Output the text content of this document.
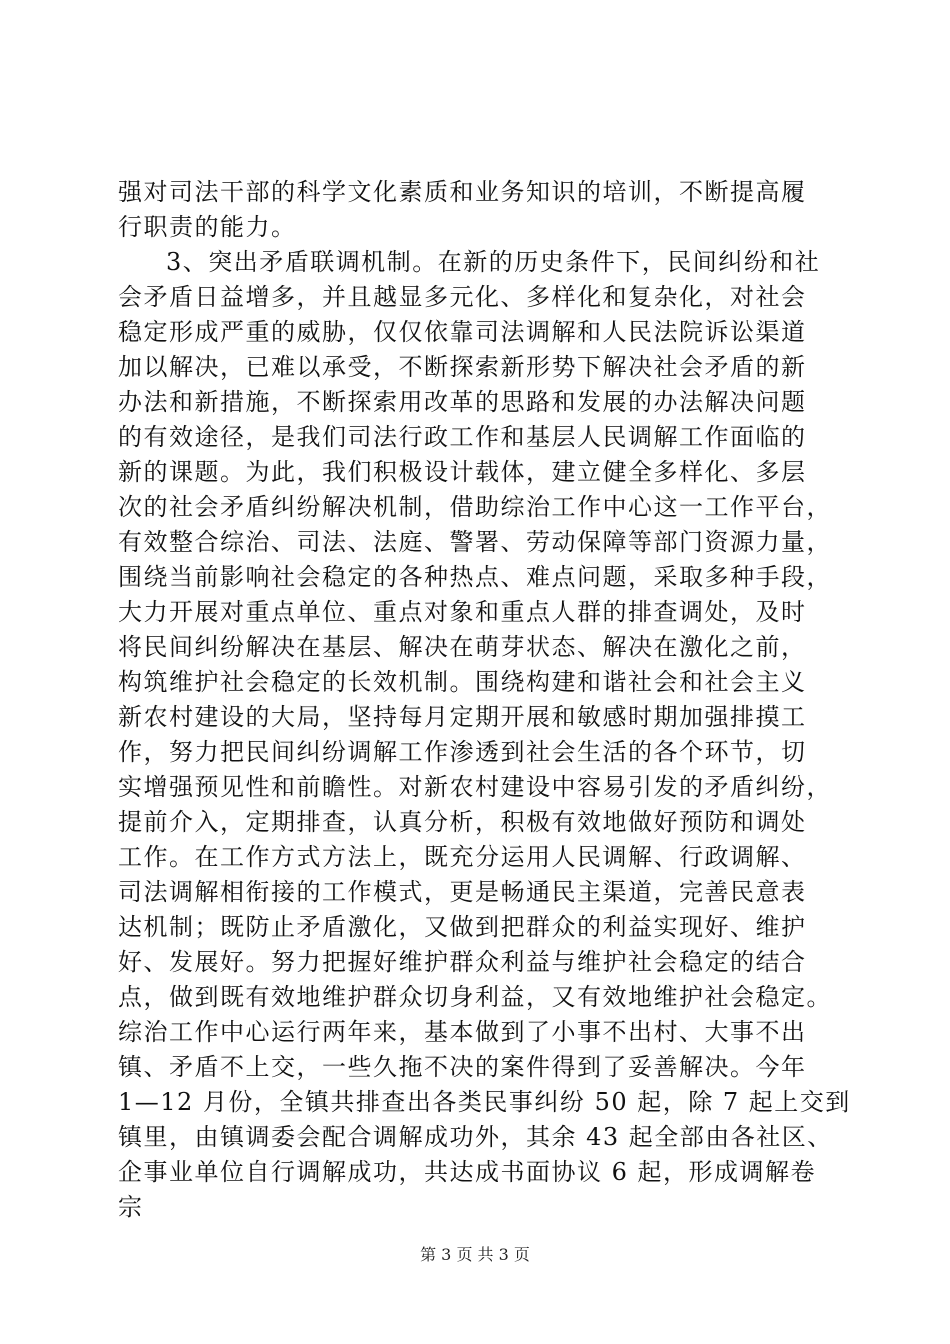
强对司法干部的科学文化素质和业务知识的培训，不断提高履
行职责的能力。
3、突出矛盾联调机制。在新的历史条件下，民间纠纷和社
会矛盾日益增多，并且越显多元化、多样化和复杂化，对社会
稳定形成严重的威胁，仅仅依靠司法调解和人民法院诉讼渠道
加以解决，已难以承受，不断探索新形势下解决社会矛盾的新
办法和新措施，不断探索用改革的思路和发展的办法解决问题
的有效途径，是我们司法行政工作和基层人民调解工作面临的
新的课题。为此，我们积极设计载体，建立健全多样化、多层
次的社会矛盾纠纷解决机制，借助综治工作中心这一工作平台，
有效整合综治、司法、法庭、警署、劳动保障等部门资源力量，
围绕当前影响社会稳定的各种热点、难点问题，采取多种手段，
大力开展对重点单位、重点对象和重点人群的排查调处，及时
将民间纠纷解决在基层、解决在萌芽状态、解决在激化之前，
构筑维护社会稳定的长效机制。围绕构建和谐社会和社会主义
新农村建设的大局，坚持每月定期开展和敏感时期加强排摸工
作，努力把民间纠纷调解工作渗透到社会生活的各个环节，切
实增强预见性和前瞻性。对新农村建设中容易引发的矛盾纠纷，
提前介入，定期排查，认真分析，积极有效地做好预防和调处
工作。在工作方式方法上，既充分运用人民调解、行政调解、
司法调解相衔接的工作模式，更是畅通民主渠道，完善民意表
达机制；既防止矛盾激化，又做到把群众的利益实现好、维护
好、发展好。努力把握好维护群众利益与维护社会稳定的结合
点，做到既有效地维护群众切身利益，又有效地维护社会稳定。
综治工作中心运行两年来，基本做到了小事不出村、大事不出
镇、矛盾不上交，一些久拖不决的案件得到了妥善解决。今年
1—12 月份，全镇共排查出各类民事纠纷 50 起，除 7 起上交到
镇里，由镇调委会配合调解成功外，其余 43 起全部由各社区、
企事业单位自行调解成功，共达成书面协议 6 起，形成调解卷
宗
第 3 页 共 3 页
